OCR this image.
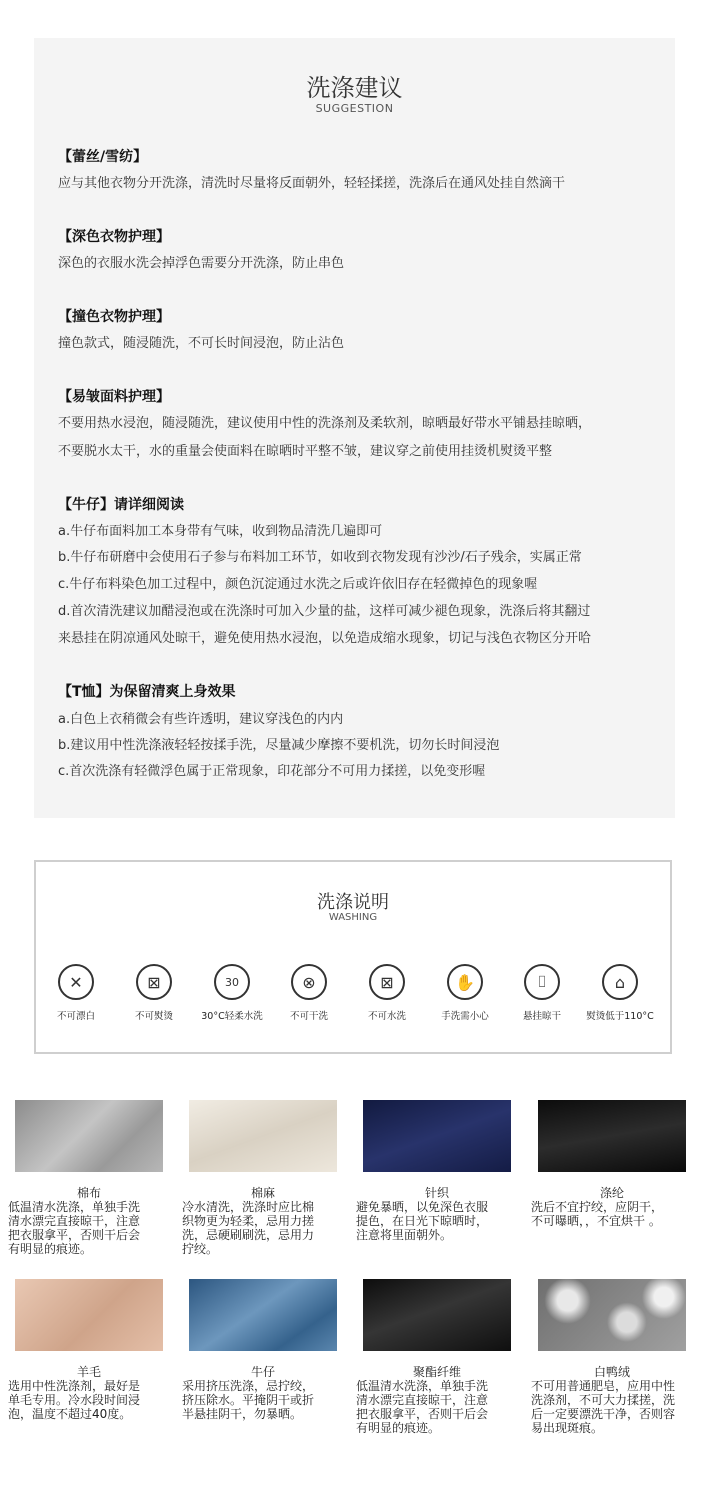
洗涤建议
SUGGESTION
【蕾丝/雪纺】
应与其他衣物分开洗涤，清洗时尽量将反面朝外，轻轻揉搓，洗涤后在通风处挂自然滴干
【深色衣物护理】
深色的衣服水洗会掉浮色需要分开洗涤，防止串色
【撞色衣物护理】
撞色款式，随浸随洗，不可长时间浸泡，防止沾色
【易皱面料护理】
不要用热水浸泡，随浸随洗，建议使用中性的洗涤剂及柔软剂，晾晒最好带水平铺悬挂晾晒，
不要脱水太干，水的重量会使面料在晾晒时平整不皱，建议穿之前使用挂烫机熨烫平整
【牛仔】请详细阅读
a.牛仔布面料加工本身带有气味，收到物品清洗几遍即可
b.牛仔布研磨中会使用石子参与布料加工环节，如收到衣物发现有沙沙/石子残余，实属正常
c.牛仔布料染色加工过程中，颜色沉淀通过水洗之后或许依旧存在轻微掉色的现象喔
d.首次清洗建议加醋浸泡或在洗涤时可加入少量的盐，这样可减少褪色现象，洗涤后将其翻过
来悬挂在阴凉通风处晾干，避免使用热水浸泡，以免造成缩水现象，切记与浅色衣物区分开哈
【T恤】为保留清爽上身效果
a.白色上衣稍微会有些许透明，建议穿浅色的内内
b.建议用中性洗涤液轻轻按揉手洗，尽量减少摩擦不要机洗，切勿长时间浸泡
c.首次洗涤有轻微浮色属于正常现象，印花部分不可用力揉搓，以免变形喔
洗涤说明
WASHING
✕
不可漂白
⊠
不可熨烫
30
30°C轻柔水洗
⊗
不可干洗
⊠
不可水洗
✋
手洗需小心
⌷
悬挂晾干
⌂
熨烫低于110°C
棉布
低温清水洗涤，单独手洗
清水漂完直接晾干，注意
把衣服拿平，否则干后会
有明显的痕迹。
棉麻
冷水清洗，洗涤时应比棉
织物更为轻柔，忌用力搓
洗，忌硬刷刷洗，忌用力
拧绞。
针织
避免暴晒，以免深色衣服
提色，在日光下晾晒时，
注意将里面朝外。
涤纶
洗后不宜拧绞，应阴干，
不可曝晒，，不宜烘干 。
羊毛
选用中性洗涤剂，最好是
单毛专用。冷水段时间浸
泡，温度不超过40度。
牛仔
采用挤压洗涤，忌拧绞，
挤压除水。平掩阴干或折
半悬挂阴干，勿暴晒。
聚酯纤维
低温清水洗涤，单独手洗
清水漂完直接晾干，注意
把衣服拿平，否则干后会
有明显的痕迹。
白鸭绒
不可用普通肥皂，应用中性
洗涤剂，不可大力揉搓，洗
后一定要漂洗干净，否则容
易出现斑痕。
